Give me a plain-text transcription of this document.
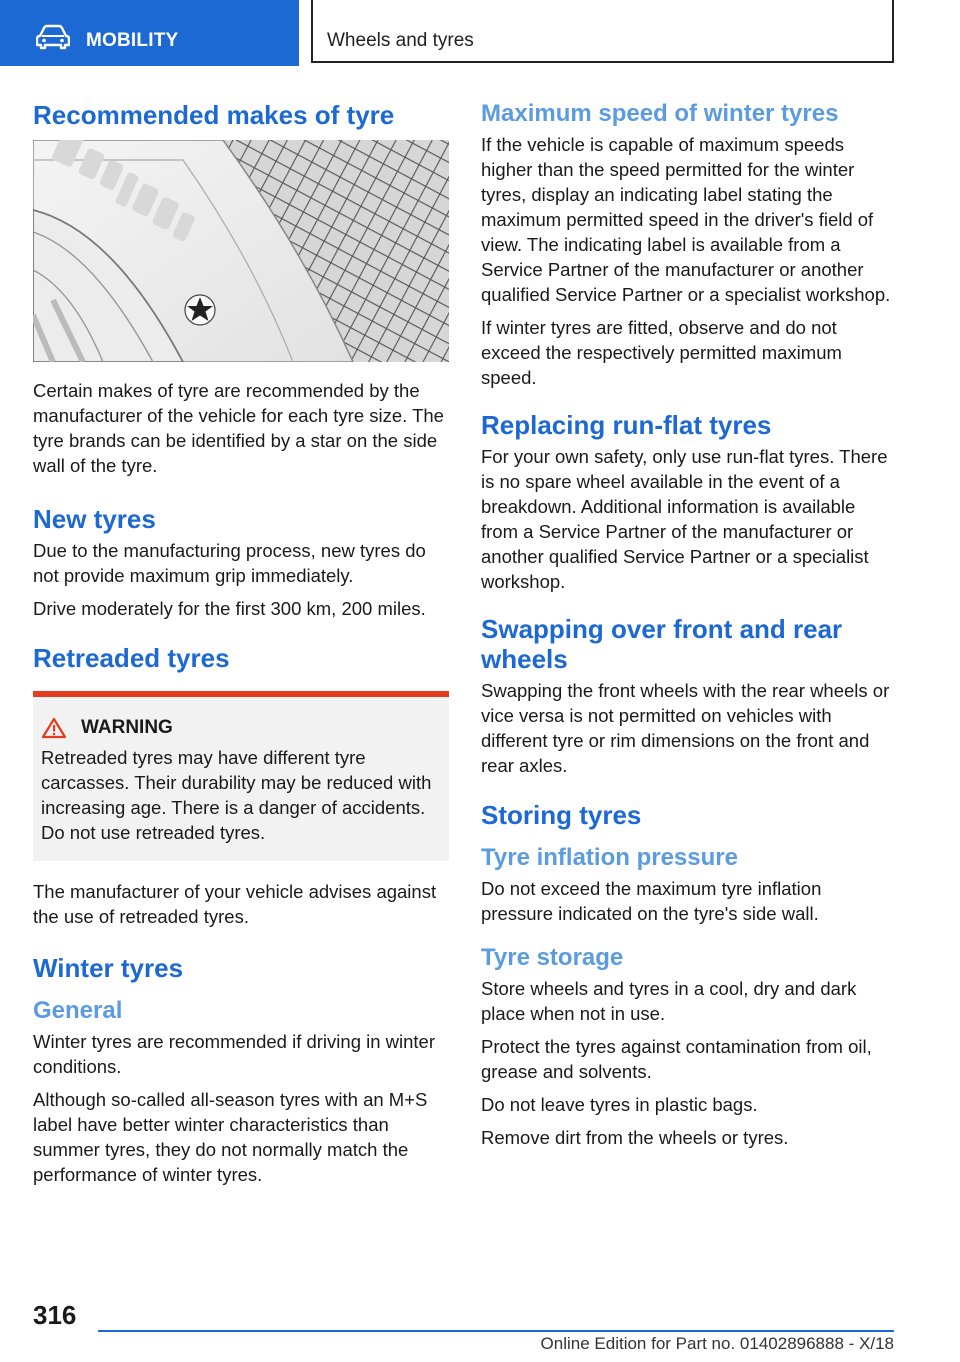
MOBILITY	Wheels and tyres
Recommended makes of tyre

Certain makes of tyre are recommended by the manufacturer of the vehicle for each tyre size. The tyre brands can be identified by a star on the side wall of the tyre.

New tyres

Due to the manufacturing process, new tyres do not provide maximum grip immediately.

Drive moderately for the first 300 km, 200 miles.

Retreaded tyres
WARNING

Retreaded tyres may have different tyre carcasses. Their durability may be reduced with increasing age. There is a danger of accidents. Do not use retreaded tyres.

The manufacturer of your vehicle advises against the use of retreaded tyres.

Winter tyres
General

Winter tyres are recommended if driving in winter conditions.

Although so-called all-season tyres with an M+S label have better winter characteristics than summer tyres, they do not normally match the performance of winter tyres.

Maximum speed of winter tyres

If the vehicle is capable of maximum speeds higher than the speed permitted for the winter tyres, display an indicating label stating the maximum permitted speed in the driver's field of view. The indicating label is available from a Service Partner of the manufacturer or another qualified Service Partner or a specialist workshop.

If winter tyres are fitted, observe and do not exceed the respectively permitted maximum speed.

Replacing run-flat tyres

For your own safety, only use run-flat tyres. There is no spare wheel available in the event of a breakdown. Additional information is available from a Service Partner of the manufacturer or another qualified Service Partner or a specialist workshop.

Swapping over front and rear wheels

Swapping the front wheels with the rear wheels or vice versa is not permitted on vehicles with different tyre or rim dimensions on the front and rear axles.

Storing tyres
Tyre inflation pressure

Do not exceed the maximum tyre inflation pressure indicated on the tyre's side wall.

Tyre storage

Store wheels and tyres in a cool, dry and dark place when not in use.

Protect the tyres against contamination from oil, grease and solvents.

Do not leave tyres in plastic bags.

Remove dirt from the wheels or tyres.

316
Online Edition for Part no. 01402896888 - X/18
